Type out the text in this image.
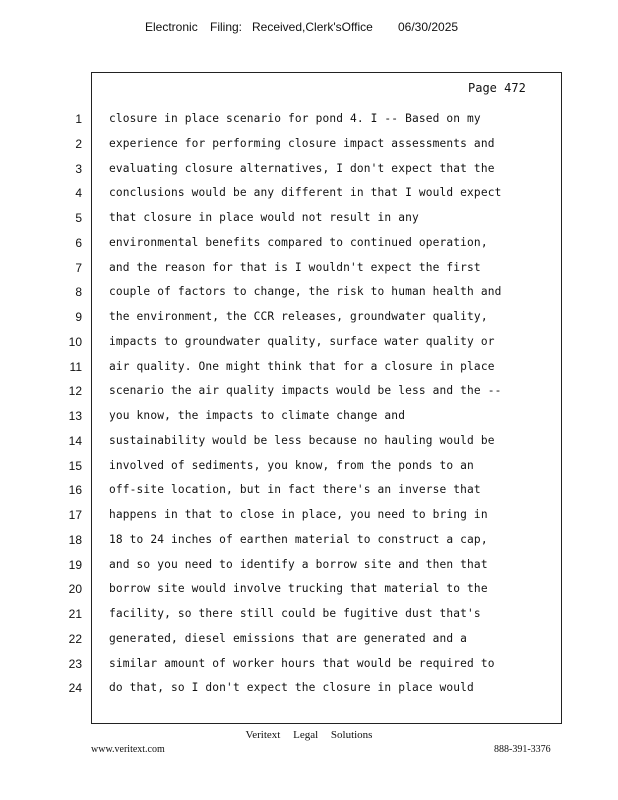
Electronic Filing: Received,Clerk'sOffice 06/30/2025
Page 472
1 closure in place scenario for pond 4. I -- Based on my
2 experience for performing closure impact assessments and
3 evaluating closure alternatives, I don't expect that the
4 conclusions would be any different in that I would expect
5 that closure in place would not result in any
6 environmental benefits compared to continued operation,
7 and the reason for that is I wouldn't expect the first
8 couple of factors to change, the risk to human health and
9 the environment, the CCR releases, groundwater quality,
10 impacts to groundwater quality, surface water quality or
11 air quality. One might think that for a closure in place
12 scenario the air quality impacts would be less and the --
13 you know, the impacts to climate change and
14 sustainability would be less because no hauling would be
15 involved of sediments, you know, from the ponds to an
16 off-site location, but in fact there's an inverse that
17 happens in that to close in place, you need to bring in
18 18 to 24 inches of earthen material to construct a cap,
19 and so you need to identify a borrow site and then that
20 borrow site would involve trucking that material to the
21 facility, so there still could be fugitive dust that's
22 generated, diesel emissions that are generated and a
23 similar amount of worker hours that would be required to
24 do that, so I don't expect the closure in place would
Veritext Legal Solutions
www.veritext.com	888-391-3376
